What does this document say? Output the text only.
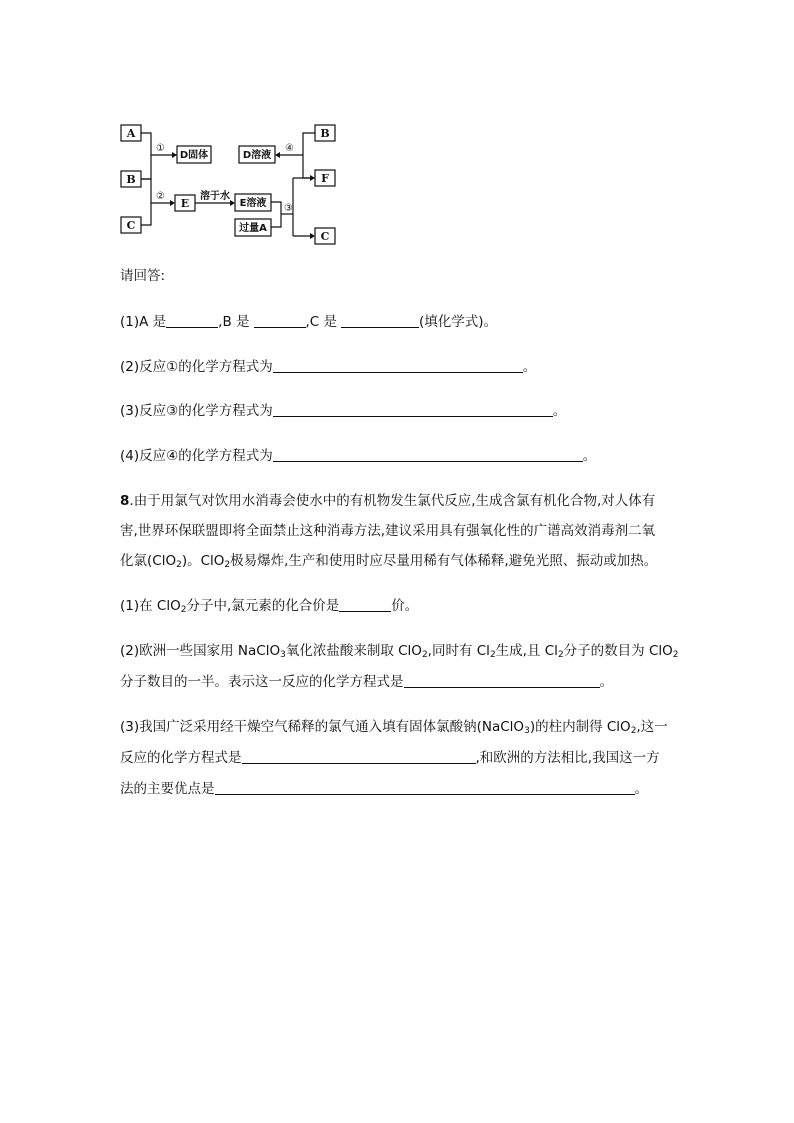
A
B
C
①
D固体
②
E
溶于水
E溶液
过量A
③
B
F
C
④
D溶液
请回答:
(1)A 是	,B 是	,C 是	(填化学式)。
(2)反应①的化学方程式为	。
(3)反应③的化学方程式为	。
(4)反应④的化学方程式为	。
8.由于用氯气对饮用水消毒会使水中的有机物发生氯代反应,生成含氯有机化合物,对人体有
害,世界环保联盟即将全面禁止这种消毒方法,建议采用具有强氧化性的广谱高效消毒剂二氧
化氯(ClO$_2$)。ClO$_2$极易爆炸,生产和使用时应尽量用稀有气体稀释,避免光照、振动或加热。
(1)在 ClO$_2$分子中,氯元素的化合价是	价。
(2)欧洲一些国家用 NaClO$_3$氧化浓盐酸来制取 ClO$_2$,同时有 $Cl_2$生成,且 $Cl_2$分子的数目为 ClO$_2$
分子数目的一半。表示这一反应的化学方程式是	。
(3)我国广泛采用经干燥空气稀释的氯气通入填有固体氯酸钠(NaClO$_3$)的柱内制得 ClO$_2$,这一
反应的化学方程式是	,和欧洲的方法相比,我国这一方
法的主要优点是	。
